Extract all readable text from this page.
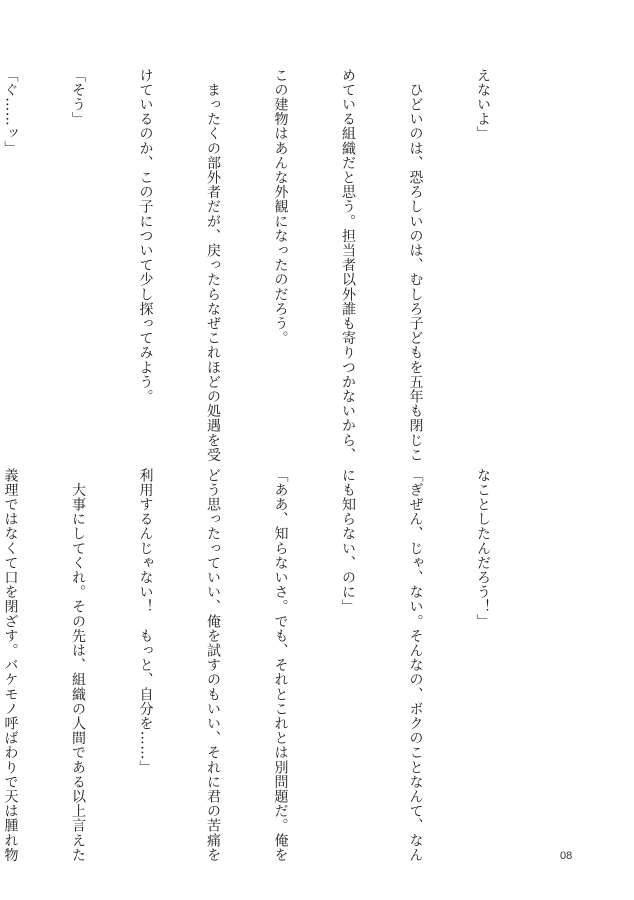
えないよ」

　ひどいのは、恐ろしいのは、むしろ子どもを五年も閉じこ

めている組織だと思う。担当者以外誰も寄りつかないから、

この建物はあんな外観になったのだろう。

　まったくの部外者だが、戻ったらなぜこれほどの処遇を受

けているのか、この子について少し探ってみよう。

「そう」

「ぐ……ッ」

なことしたんだろう！」

「ぎぜん、じゃ、ない。そんなの、ボクのことなんて、なん

にも知らない、のに」

「ああ、知らないさ。でも、それとこれとは別問題だ。俺を

どう思ったっていい、俺を試すのもいい、それに君の苦痛を

利用するんじゃない！　もっと、自分を……」

　大事にしてくれ。その先は、組織の人間である以上言えた

義理ではなくて口を閉ざす。バケモノ呼ばわりで天は腫れ物

	08
